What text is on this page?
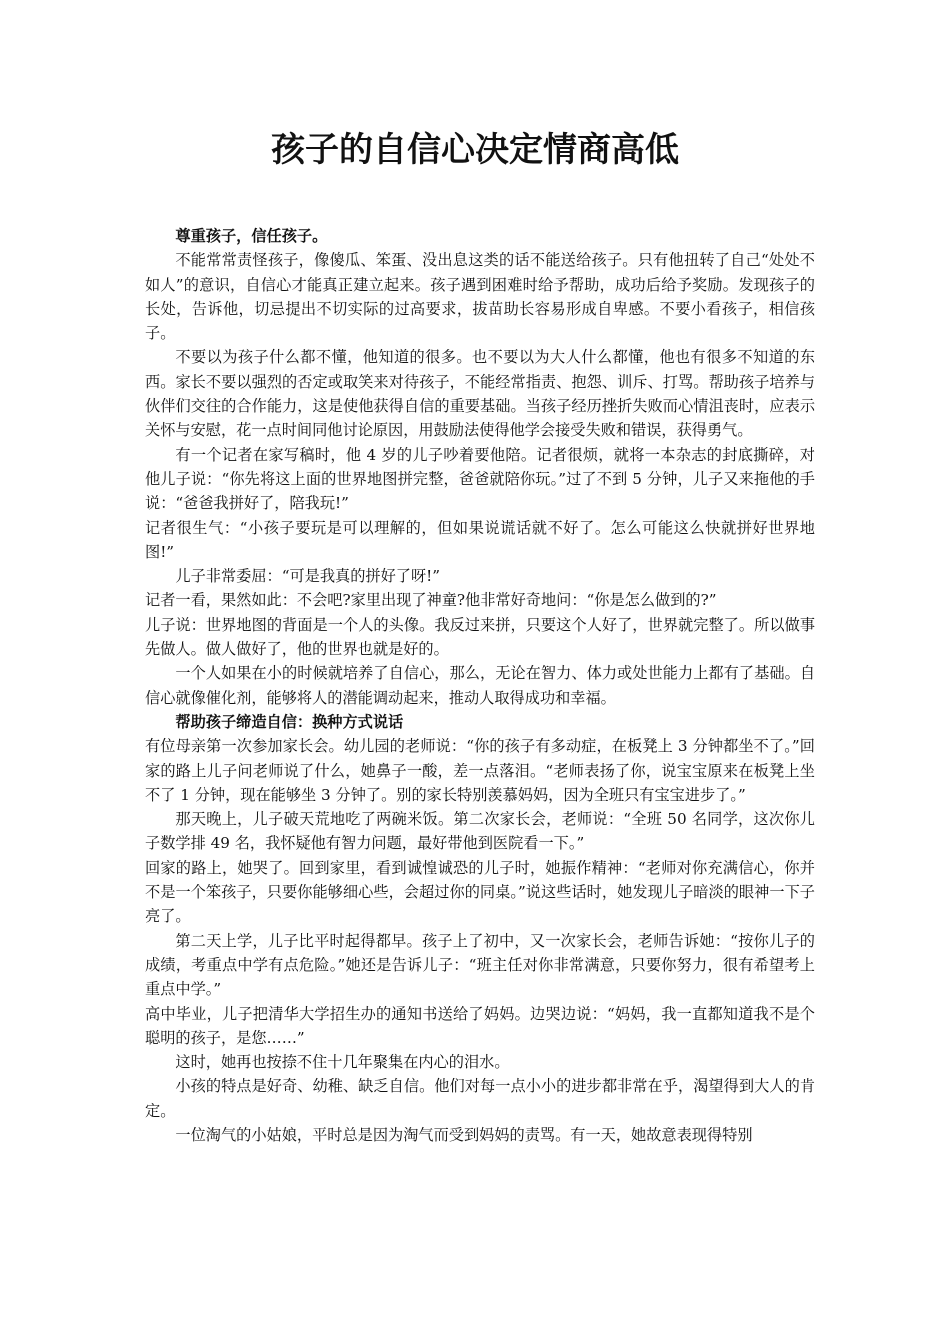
孩子的自信心决定情商高低

尊重孩子，信任孩子。

不能常常责怪孩子，像傻瓜、笨蛋、没出息这类的话不能送给孩子。只有他扭转了自己“处处不如人”的意识，自信心才能真正建立起来。孩子遇到困难时给予帮助，成功后给予奖励。发现孩子的长处，告诉他，切忌提出不切实际的过高要求，拔苗助长容易形成自卑感。不要小看孩子，相信孩子。

不要以为孩子什么都不懂，他知道的很多。也不要以为大人什么都懂，他也有很多不知道的东西。家长不要以强烈的否定或取笑来对待孩子，不能经常指责、抱怨、训斥、打骂。帮助孩子培养与伙伴们交往的合作能力，这是使他获得自信的重要基础。当孩子经历挫折失败而心情沮丧时，应表示关怀与安慰，花一点时间同他讨论原因，用鼓励法使得他学会接受失败和错误，获得勇气。

有一个记者在家写稿时，他 4 岁的儿子吵着要他陪。记者很烦，就将一本杂志的封底撕碎，对他儿子说：“你先将这上面的世界地图拼完整，爸爸就陪你玩。”过了不到 5 分钟，儿子又来拖他的手说：“爸爸我拼好了，陪我玩!”

记者很生气：“小孩子要玩是可以理解的，但如果说谎话就不好了。怎么可能这么快就拼好世界地图!”

儿子非常委屈：“可是我真的拼好了呀!”

记者一看，果然如此：不会吧?家里出现了神童?他非常好奇地问：“你是怎么做到的?”

儿子说：世界地图的背面是一个人的头像。我反过来拼，只要这个人好了，世界就完整了。所以做事先做人。做人做好了，他的世界也就是好的。

一个人如果在小的时候就培养了自信心，那么，无论在智力、体力或处世能力上都有了基础。自信心就像催化剂，能够将人的潜能调动起来，推动人取得成功和幸福。

帮助孩子缔造自信：换种方式说话

有位母亲第一次参加家长会。幼儿园的老师说：“你的孩子有多动症，在板凳上 3 分钟都坐不了。”回家的路上儿子问老师说了什么，她鼻子一酸，差一点落泪。“老师表扬了你，说宝宝原来在板凳上坐不了 1 分钟，现在能够坐 3 分钟了。别的家长特别羡慕妈妈，因为全班只有宝宝进步了。”

那天晚上，儿子破天荒地吃了两碗米饭。第二次家长会，老师说：“全班 50 名同学，这次你儿子数学排 49 名，我怀疑他有智力问题，最好带他到医院看一下。”

回家的路上，她哭了。回到家里，看到诚惶诚恐的儿子时，她振作精神：“老师对你充满信心，你并不是一个笨孩子，只要你能够细心些，会超过你的同桌。”说这些话时，她发现儿子暗淡的眼神一下子亮了。

第二天上学，儿子比平时起得都早。孩子上了初中，又一次家长会，老师告诉她：“按你儿子的成绩，考重点中学有点危险。”她还是告诉儿子：“班主任对你非常满意，只要你努力，很有希望考上重点中学。”

高中毕业，儿子把清华大学招生办的通知书送给了妈妈。边哭边说：“妈妈，我一直都知道我不是个聪明的孩子，是您……”

这时，她再也按捺不住十几年聚集在内心的泪水。

小孩的特点是好奇、幼稚、缺乏自信。他们对每一点小小的进步都非常在乎，渴望得到大人的肯定。

一位淘气的小姑娘，平时总是因为淘气而受到妈妈的责骂。有一天，她故意表现得特别
